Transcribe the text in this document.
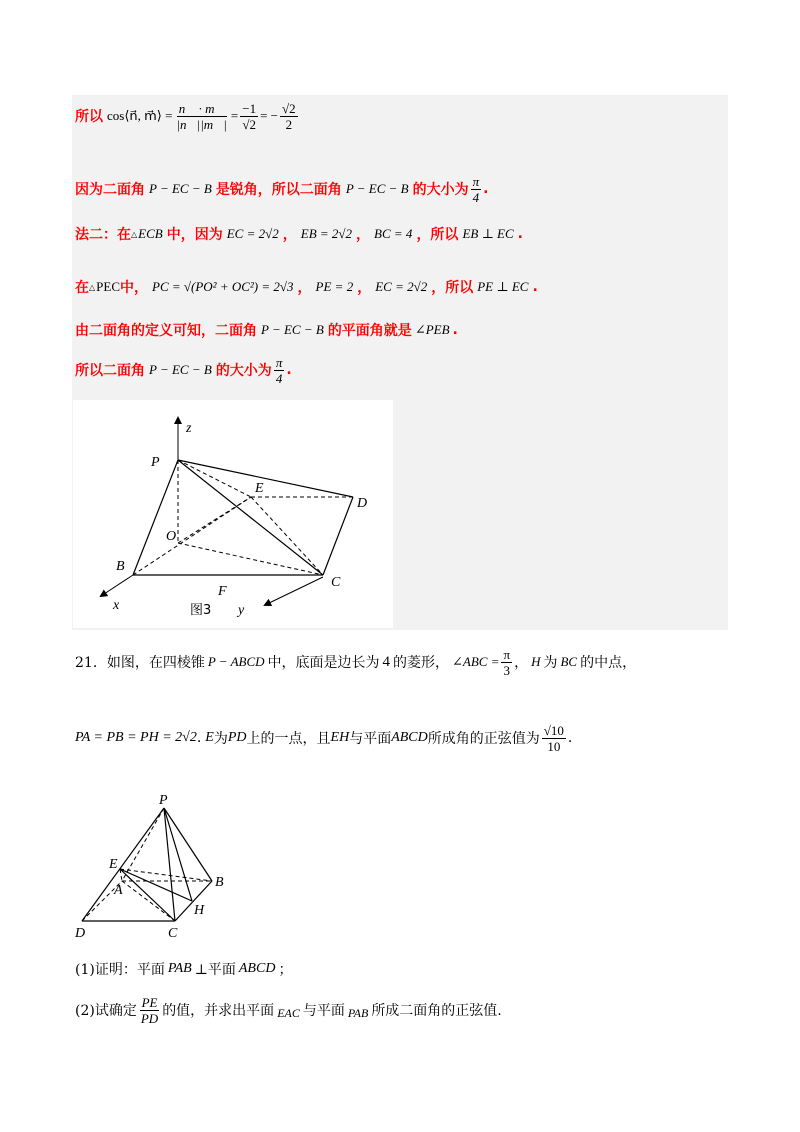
所以 cos⟨n⃗, m⃗⟩ = $\frac{n⃗ \cdot m⃗}{|n⃗||m⃗|} = \frac{-1}{√2}$ = − $\frac{√2}{2}$
因为二面角 P − EC − B 是锐角，所以二面角 P − EC − B 的大小为 $\frac{\pi}{4}$ .
法二：在 △ ECB 中，因为 EC = 2√2 ， EB = 2√2 ， BC = 4 ，所以 EB ⊥ EC .
在 △ PEC 中， PC = √(PO² + OC²) = 2√3 ， PE = 2 ， EC = 2√2 ，所以 PE ⊥ EC .
由二面角的定义可知，二面角 P − EC − B 的平面角就是 ∠PEB .
所以二面角 P − EC − B 的大小为 $\frac{\pi}{4}$ .
z
P
E
D
O
B
C
F
x	y
图3
21．如图，在四棱锥 P − ABCD 中，底面是边长为 4 的菱形， ∠ABC = $\frac{\pi}{3}$ ， H 为 BC 的中点，
PA = PB = PH = 2√2 . E 为 PD 上的一点，且 EH 与平面 ABCD 所成角的正弦值为 $\frac{√10}{10}$ .
P
E
A
B
H
D	C
(1)证明：平面 PAB ⊥平面 ABCD ；
(2)试确定 $\frac{PE}{PD}$ 的值，并求出平面 EAC 与平面 PAB 所成二面角的正弦值.
